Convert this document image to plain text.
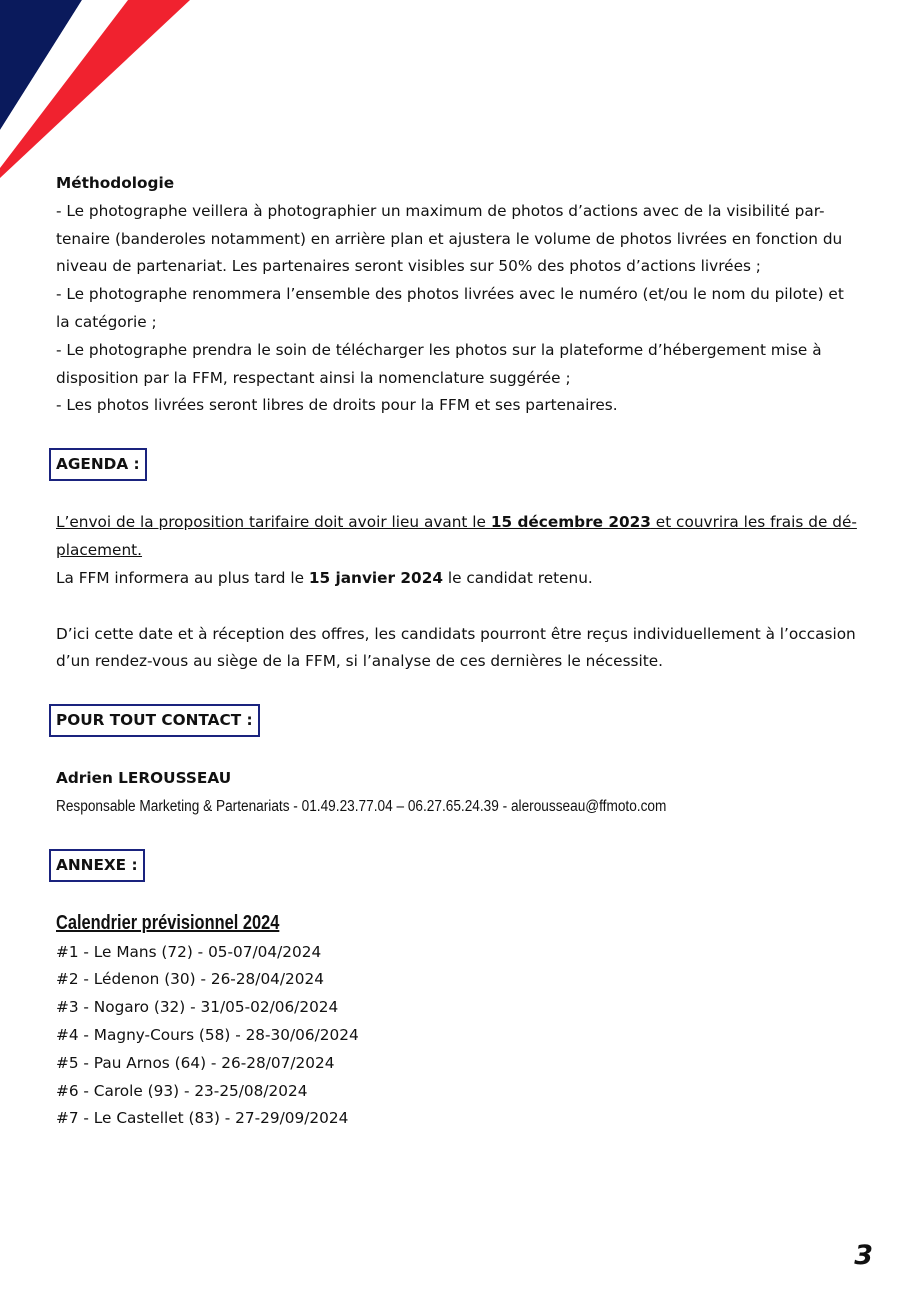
Méthodologie

- Le photographe veillera à photographier un maximum de photos d’actions avec de la visibilité par-

tenaire (banderoles notamment) en arrière plan et ajustera le volume de photos livrées en fonction du

niveau de partenariat. Les partenaires seront visibles sur 50% des photos d’actions livrées ;

- Le photographe renommera l’ensemble des photos livrées avec le numéro (et/ou le nom du pilote) et

la catégorie ;

- Le photographe prendra le soin de télécharger les photos sur la plateforme d’hébergement mise à

disposition par la FFM, respectant ainsi la nomenclature suggérée ;

- Les photos livrées seront libres de droits pour la FFM et ses partenaires.

AGENDA :

L’envoi de la proposition tarifaire doit avoir lieu avant le 15 décembre 2023 et couvrira les frais de dé-

placement.

La FFM informera au plus tard le 15 janvier 2024 le candidat retenu.

D’ici cette date et à réception des offres, les candidats pourront être reçus individuellement à l’occasion

d’un rendez-vous au siège de la FFM, si l’analyse de ces dernières le nécessite.

POUR TOUT CONTACT :

Adrien LEROUSSEAU

Responsable Marketing & Partenariats - 01.49.23.77.04 – 06.27.65.24.39 - alerousseau@ffmoto.com

ANNEXE :

Calendrier prévisionnel 2024

#1 - Le Mans (72) - 05-07/04/2024

#2 - Lédenon (30) - 26-28/04/2024

#3 - Nogaro (32) - 31/05-02/06/2024

#4 - Magny-Cours (58) - 28-30/06/2024

#5 - Pau Arnos (64) - 26-28/07/2024

#6 - Carole (93) - 23-25/08/2024

#7 - Le Castellet (83) - 27-29/09/2024

3
